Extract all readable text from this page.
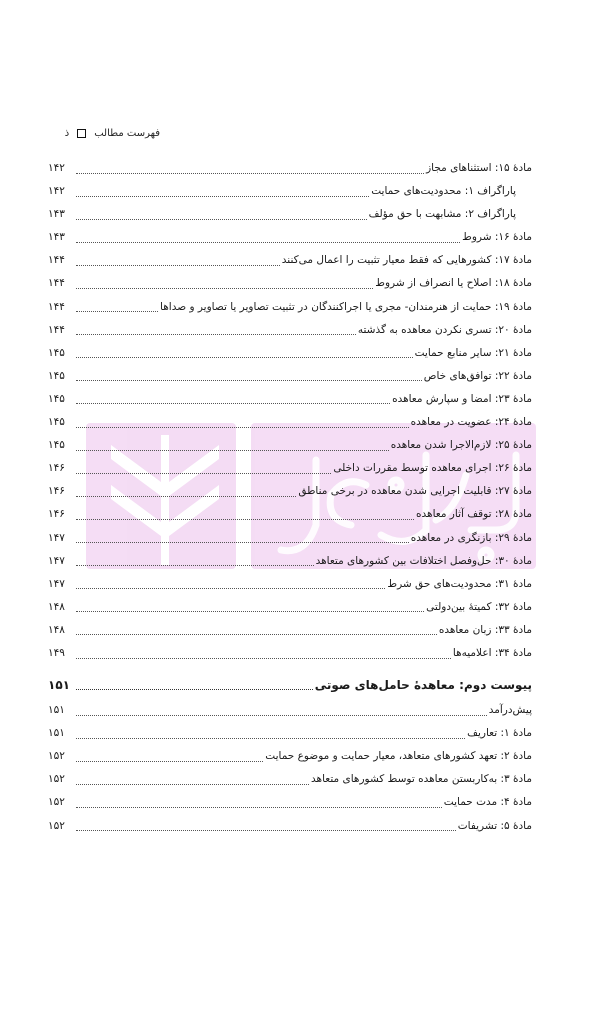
فهرست مطالب
ذ
مادهٔ ۱۵: استثناهای مجاز
۱۴۲
پاراگراف ۱: محدودیت‌های حمایت
۱۴۲
پاراگراف ۲: مشابهت با حق مؤلف
۱۴۳
مادهٔ ۱۶: شروط
۱۴۳
مادهٔ ۱۷: کشورهایی که فقط معیار تثبیت را اعمال می‌کنند
۱۴۴
مادهٔ ۱۸: اصلاح یا انصراف از شروط
۱۴۴
مادهٔ ۱۹: حمایت از هنرمندان- مجری یا اجراکنندگان در تثبیت تصاویر یا تصاویر و صداها
۱۴۴
مادهٔ ۲۰: تسری نکردن معاهده به گذشته
۱۴۴
مادهٔ ۲۱: سایر منابع حمایت
۱۴۵
مادهٔ ۲۲: توافق‌های خاص
۱۴۵
مادهٔ ۲۳: امضا و سپارش معاهده
۱۴۵
مادهٔ ۲۴: عضویت در معاهده
۱۴۵
مادهٔ ۲۵: لازم‌الاجرا شدن معاهده
۱۴۵
مادهٔ ۲۶: اجرای معاهده توسط مقررات داخلی
۱۴۶
مادهٔ ۲۷: قابلیت اجرایی شدن معاهده در برخی مناطق
۱۴۶
مادهٔ ۲۸: توقف آثار معاهده
۱۴۶
مادهٔ ۲۹: بازنگری در معاهده
۱۴۷
مادهٔ ۳۰: حل‌وفصل اختلافات بین کشورهای متعاهد
۱۴۷
مادهٔ ۳۱: محدودیت‌های حق شرط
۱۴۷
مادهٔ ۳۲: کمیتهٔ بین‌دولتی
۱۴۸
مادهٔ ۳۳: زبان معاهده
۱۴۸
مادهٔ ۳۴: اعلامیه‌ها
۱۴۹
پیوست دوم: معاهدهٔ حامل‌های صوتی
۱۵۱
پیش‌درآمد
۱۵۱
مادهٔ ۱: تعاریف
۱۵۱
مادهٔ ۲: تعهد کشورهای متعاهد، معیار حمایت و موضوع حمایت
۱۵۲
مادهٔ ۳: به‌کاربستن معاهده توسط کشورهای متعاهد
۱۵۲
مادهٔ ۴: مدت حمایت
۱۵۲
مادهٔ ۵: تشریفات
۱۵۲
